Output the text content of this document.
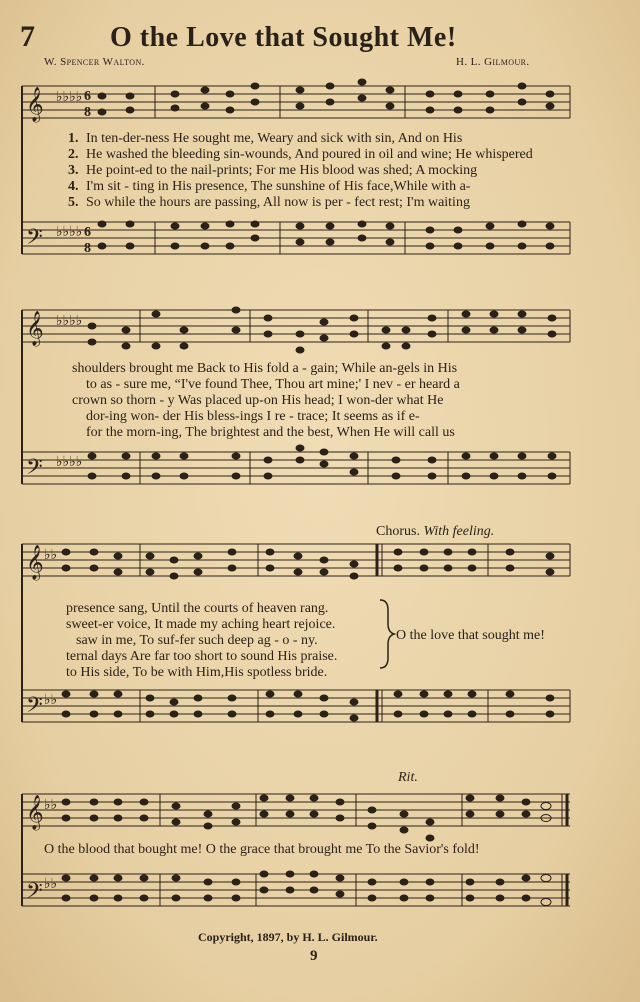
7	O the Love that Sought Me!
W. Spencer Walton.	H. L. Gilmour.
𝄞
𝄢
♭♭♭♭
♭♭♭♭
6
8
6
8
1. In ten-der-ness He sought me, Weary and sick with sin, And on His
2. He washed the bleeding sin-wounds, And poured in oil and wine; He whispered
3. He point-ed to the nail-prints; For me His blood was shed; A mocking
4. I'm sit - ting in His presence, The sunshine of His face,While with a-
5. So while the hours are passing, All now is per - fect rest; I'm waiting
𝄞
𝄢
♭♭♭♭
♭♭♭♭
shoulders brought me Back to His fold a - gain; While an-gels in His
to as - sure me, “I've found Thee, Thou art mine;' I nev - er heard a
crown so thorn - y Was placed up-on His head; I won-der what He
dor-ing won- der His bless-ings I re - trace; It seems as if e-
for the morn-ing, The brightest and the best, When He will call us
Chorus. With feeling.
𝄞
𝄢
♭♭
♭♭
presence sang, Until the courts of heaven rang.
sweet-er voice, It made my aching heart rejoice.
saw in me, To suf-fer such deep ag - o - ny.
ternal days Are far too short to sound His praise.
to His side, To be with Him,His spotless bride.
O the love that sought me!
Rit.
𝄞
𝄢
♭♭
♭♭
O the blood that bought me! O the grace that brought me To the Savior's fold!
Copyright, 1897, by H. L. Gilmour.
9
